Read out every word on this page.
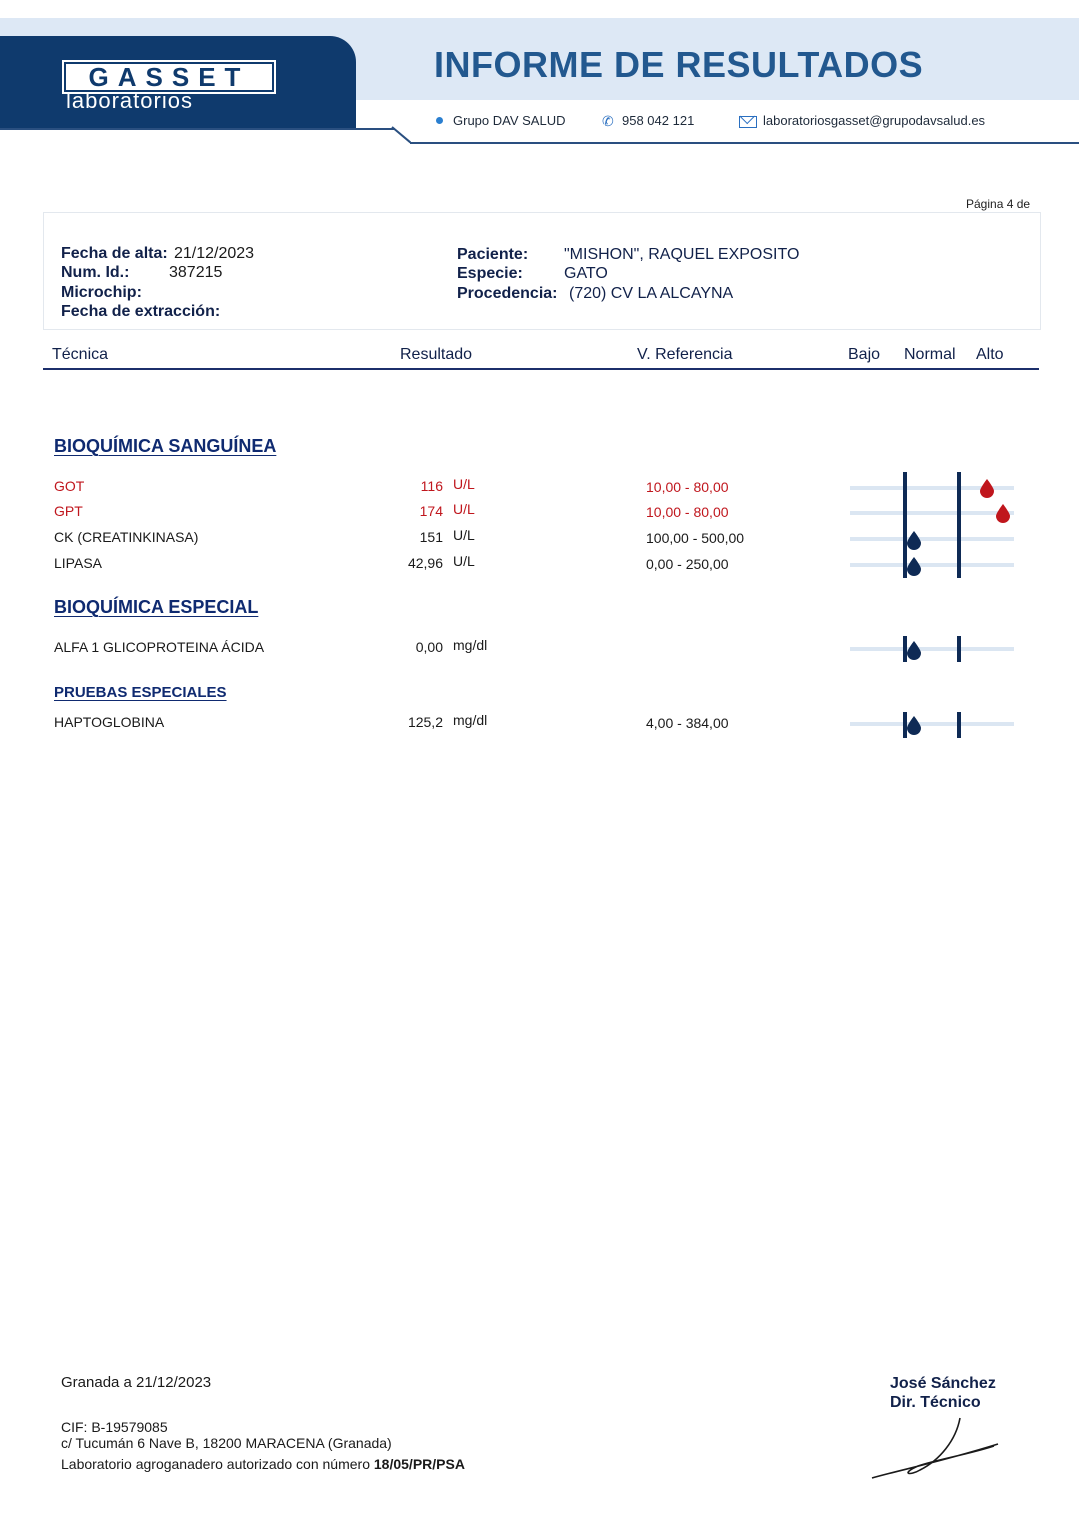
GASSET
laboratorios
INFORME DE RESULTADOS
Grupo DAV SALUD	✆ 958 042 121	laboratoriosgasset@grupodavsalud.es
Página 4 de
Fecha de alta: 21/12/2023
Num. Id.: 387215
Microchip:
Fecha de extracción:
Paciente: "MISHON", RAQUEL EXPOSITO
Especie:	GATO
Procedencia: (720) CV LA ALCAYNA
Técnica	Resultado	V. Referencia	Bajo Normal Alto
BIOQUÍMICA SANGUÍNEA
BIOQUÍMICA ESPECIAL
PRUEBAS ESPECIALES
GOT	116 U/L	10,00 - 80,00
GPT	174 U/L	10,00 - 80,00
CK (CREATINKINASA)	151 U/L	100,00 - 500,00
LIPASA	42,96 U/L	0,00 - 250,00
ALFA 1 GLICOPROTEINA ÁCIDA	0,00 mg/dl
HAPTOGLOBINA	125,2 mg/dl	4,00 - 384,00
Granada a 21/12/2023
CIF: B-19579085
c/ Tucumán 6 Nave B, 18200 MARACENA (Granada)
Laboratorio agroganadero autorizado con número 18/05/PR/PSA
José Sánchez
Dir. Técnico
